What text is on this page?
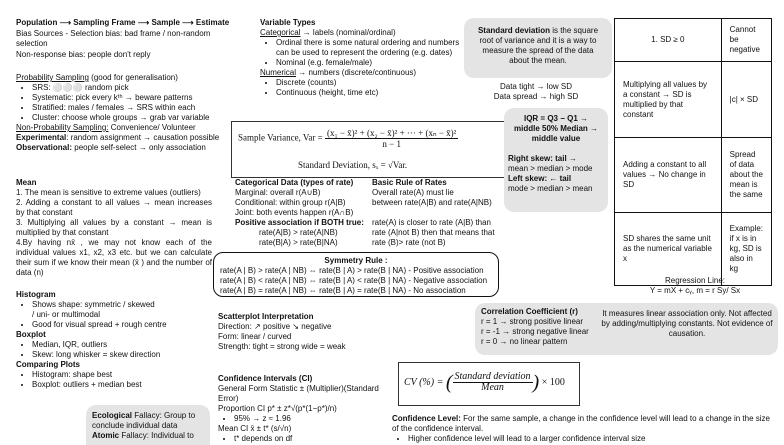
Population ⟶ Sampling Frame ⟶ Sample ⟶ Estimate
Bias Sources - Selection bias: bad frame / non-random selection
Non-response bias: people don't reply
Probability Sampling (good for generalisation)
• SRS: ⚪⚪⚪ random pick
• Systematic: pick every kᵗʰ → beware patterns
• Stratified: males / females → SRS within each
• Cluster: choose whole groups → grab var variable
Non-Probability Sampling: Convenience/ Volunteer
Experimental: random assignment → causation possible
Observational: people self-select → only association
Mean
1. The mean is sensitive to extreme values (outliers)
2. Adding a constant to all values → mean increases by that constant
3. Multiplying all values by a constant → mean is multiplied by that constant
4.By having nx̄ , we may not know each of the individual values x1, x2, x3 etc. but we can calculate their sum if we know their mean (x̄ ) and the number of data (n)
Histogram
• Shows shape: symmetric / skewed / uni- or multimodal
• Good for visual spread + rough centre
Boxplot
• Median, IQR, outliers
• Skew: long whisker = skew direction
Comparing Plots
• Histogram: shape best
• Boxplot: outliers + median best
Ecological Fallacy: Group to conclude individual data
Atomic Fallacy: Individual to
Variable Types
Categorical → labels (nominal/ordinal)
• Ordinal there is some natural ordering and numbers can be used to represent the ordering (e.g. dates)
• Nominal (e.g. female/male)
Numerical → numbers (discrete/continuous)
• Discrete (counts)
• Continuous (height, time etc)
Sample Variance, Var = $\frac{\text{(x₁ − x̄)² + (x₂ − x̄)² + ··· + (xₙ − x̄)²}}{n - 1}$
Standard Deviation, sₓ = √Var.
Categorical Data (types of rate)
Marginal: overall r(A∪B)
Conditional: within group r(A|B)
Joint: both events happen r(A∩B)
Positive association if BOTH true:
rate(A|B) > rate(A|NB)
rate(B|A) > rate(B|NA)
Basic Rule of Rates
Overall rate(A) must lie
between rate(A|B) and rate(A|NB)
rate(A) is closer to rate (A|B) than
rate (A|not B) then that means that
rate (B)> rate (not B)
Symmetry Rule :
rate(A | B) > rate(A | NB) ⇔ rate(B | A) > rate(B | NA) - Positive association
rate(A | B) < rate(A | NB) ⇔ rate(B | A) < rate(B | NA) - Negative association
rate(A | B) = rate(A | NB) ⇔ rate(B | A) = rate(B | NA) - No association
Scatterplot Interpretation
Direction: ↗ positive ↘ negative
Form: linear / curved
Strength: tight = strong wide = weak
Confidence Intervals (CI)
General Form Statistic ± (Multiplier)(Standard Error)
Proportion CI p* ± z*√(p*(1−p*)/n)
• 95% → z ≈ 1.96
Mean CI x̄ ± t* (s/√n)
• t* depends on df
CV (%) = ( $\frac{\text{Standard deviation}}{\text{Mean}}$ ) × 100
Standard deviation is the square root of variance and it is a way to measure the spread of the data about the mean.
Data tight → low SD
Data spread → high SD
IQR = Q3 − Q1 → middle 50% Median → middle value
Right skew: tail →
mean > median > mode
Left skew: ← tail
mode > median > mean
Correlation Coefficient (r)
r = 1 → strong positive linear
r = -1 → strong negative linear
r = 0 → no linear pattern
It measures linear association only. Not affected by adding/multiplying constants. Not evidence of causation.
Confidence Level: For the same sample, a change in the confidence level will lead to a change in the size of the confidence interval.
• Higher confidence level will lead to a larger confidence interval size
1. SD ≥ 0	Cannot be negative
Multiplying all values by a constant → SD is multiplied by that constant	|c| × SD
Adding a constant to all values → No change in SD	Spread of data about the mean is the same
SD shares the same unit as the numerical variable x	Example: if x is in kg, SD is also in kg
Regression Line:
Y = mX + cᵧ, m = r Sy/ Sx
